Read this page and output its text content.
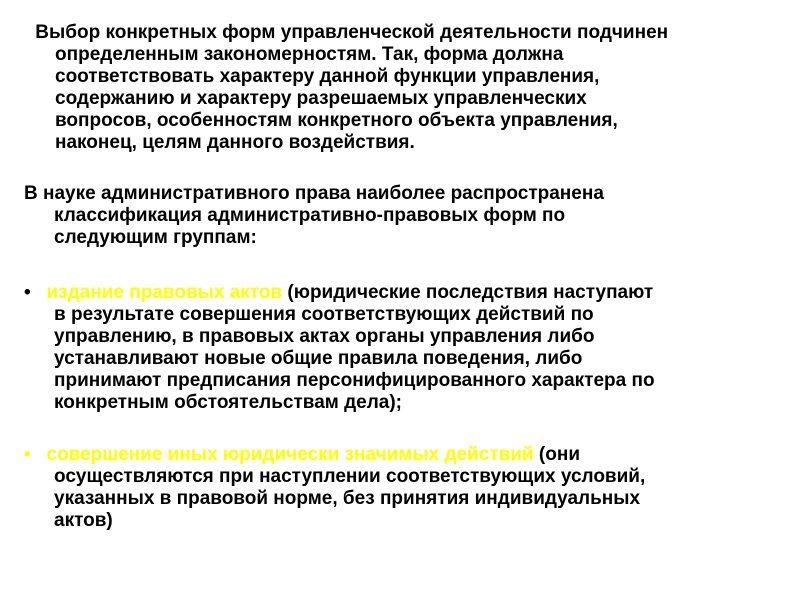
Выбор конкретных форм управленческой деятельности подчинен
определенным закономерностям. Так, форма должна
соответствовать характеру данной функции управления,
содержанию и характеру разрешаемых управленческих
вопросов, особенностям конкретного объекта управления,
наконец, целям данного воздействия.
В науке административного права наиболее распространена
классификация административно-правовых форм по
следующим группам:
• издание правовых актов (юридические последствия наступают
в результате совершения соответствующих действий по
управлению, в правовых актах органы управления либо
устанавливают новые общие правила поведения, либо
принимают предписания персонифицированного характера по
конкретным обстоятельствам дела);
• совершение иных юридически значимых действий (они
осуществляются при наступлении соответствующих условий,
указанных в правовой норме, без принятия индивидуальных
актов)
